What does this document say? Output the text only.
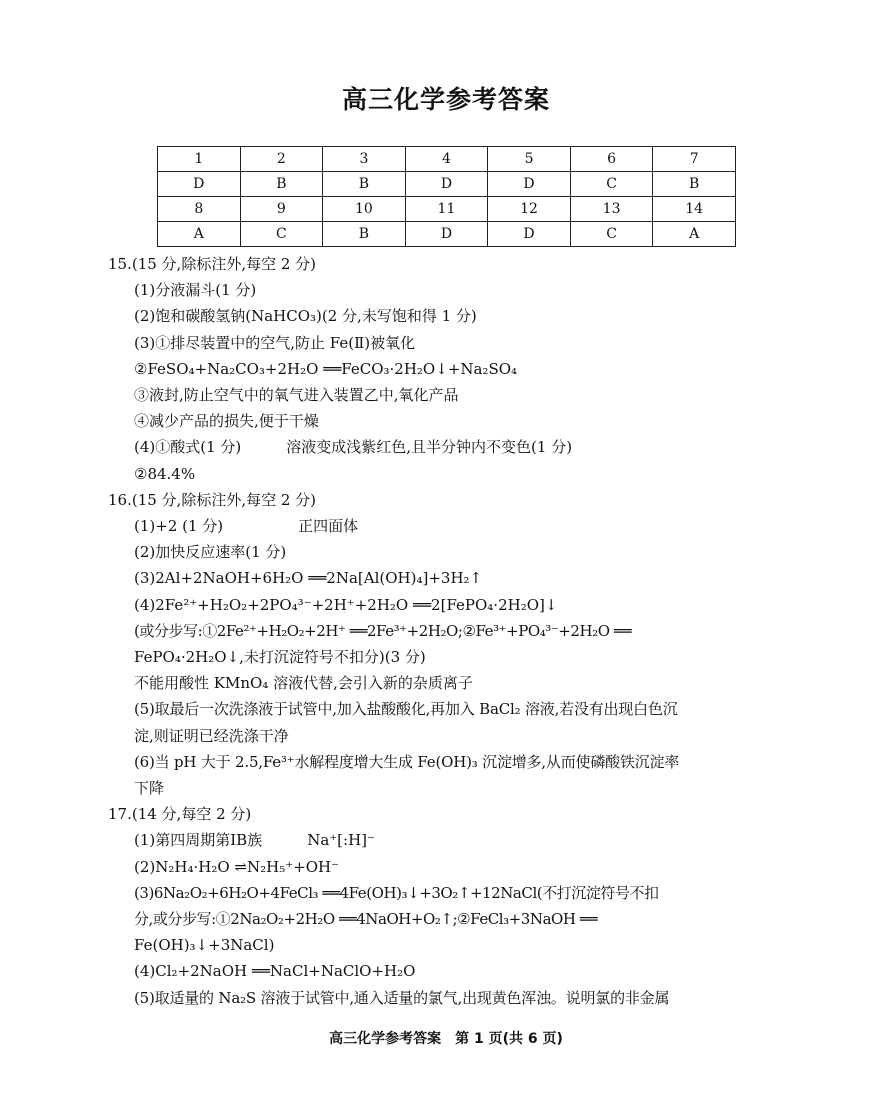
高三化学参考答案
1	2	3	4	5	6	7
D	B	B	D	D	C	B
8	9	10	11	12	13	14
A	C	B	D	D	C	A
15.(15 分,除标注外,每空 2 分)
(1)分液漏斗(1 分)
(2)饱和碳酸氢钠(NaHCO₃)(2 分,未写饱和得 1 分)
(3)①排尽装置中的空气,防止 Fe(Ⅱ)被氧化
②FeSO₄+Na₂CO₃+2H₂O ══FeCO₃·2H₂O↓+Na₂SO₄
③液封,防止空气中的氧气进入装置乙中,氧化产品
④减少产品的损失,便于干燥
(4)①酸式(1 分)　　　溶液变成浅紫红色,且半分钟内不变色(1 分)
②84.4%
16.(15 分,除标注外,每空 2 分)
(1)+2 (1 分)　　　　　正四面体
(2)加快反应速率(1 分)
(3)2Al+2NaOH+6H₂O ══2Na[Al(OH)₄]+3H₂↑
(4)2Fe²⁺+H₂O₂+2PO₄³⁻+2H⁺+2H₂O ══2[FePO₄·2H₂O]↓
(或分步写:①2Fe²⁺+H₂O₂+2H⁺ ══2Fe³⁺+2H₂O;②Fe³⁺+PO₄³⁻+2H₂O ══
FePO₄·2H₂O↓,未打沉淀符号不扣分)(3 分)
不能用酸性 KMnO₄ 溶液代替,会引入新的杂质离子
(5)取最后一次洗涤液于试管中,加入盐酸酸化,再加入 BaCl₂ 溶液,若没有出现白色沉
淀,则证明已经洗涤干净
(6)当 pH 大于 2.5,Fe³⁺水解程度增大生成 Fe(OH)₃ 沉淀增多,从而使磷酸铁沉淀率
下降
17.(14 分,每空 2 分)
(1)第四周期第ⅠB族　　　Na⁺[:H]⁻
(2)N₂H₄·H₂O ⇌N₂H₅⁺+OH⁻
(3)6Na₂O₂+6H₂O+4FeCl₃ ══4Fe(OH)₃↓+3O₂↑+12NaCl(不打沉淀符号不扣
分,或分步写:①2Na₂O₂+2H₂O ══4NaOH+O₂↑;②FeCl₃+3NaOH ══
Fe(OH)₃↓+3NaCl)
(4)Cl₂+2NaOH ══NaCl+NaClO+H₂O
(5)取适量的 Na₂S 溶液于试管中,通入适量的氯气,出现黄色浑浊。说明氯的非金属
高三化学参考答案　第 1 页(共 6 页)
